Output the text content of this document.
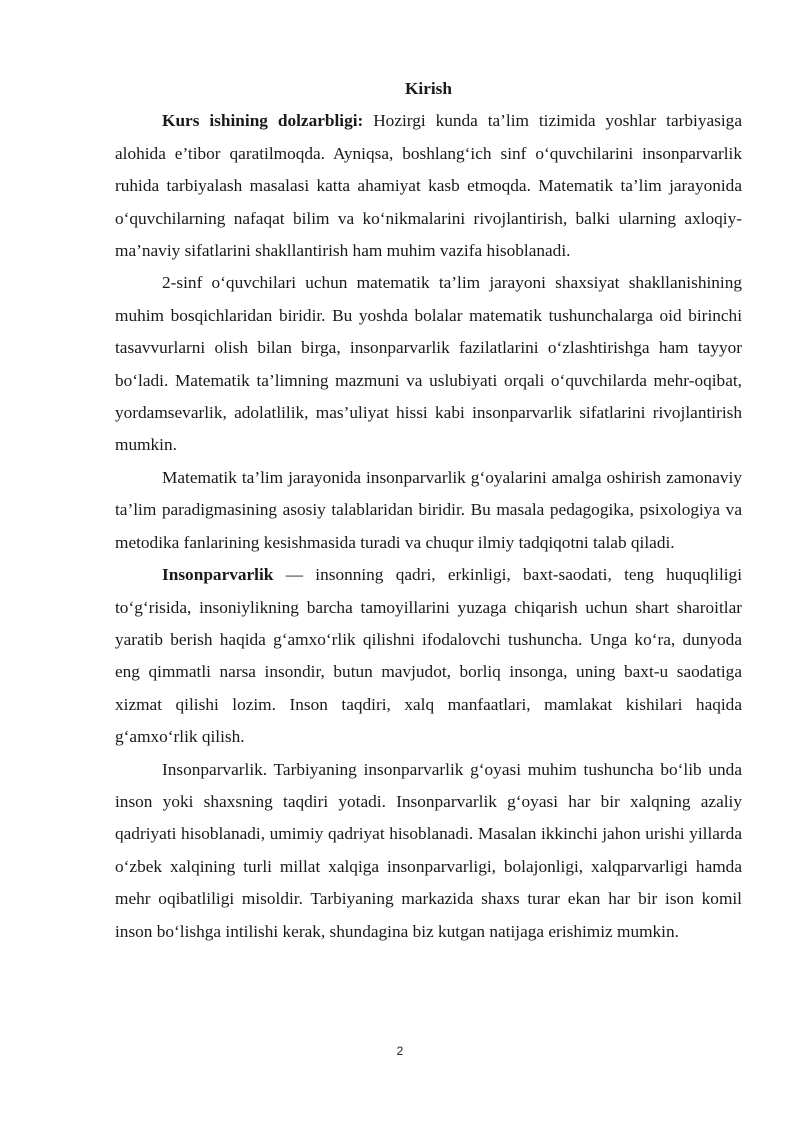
Kirish

Kurs ishining dolzarbligi: Hozirgi kunda ta’lim tizimida yoshlar tarbiyasiga alohida e’tibor qaratilmoqda. Ayniqsa, boshlang‘ich sinf o‘quvchilarini insonparvarlik ruhida tarbiyalash masalasi katta ahamiyat kasb etmoqda. Matematik ta’lim jarayonida o‘quvchilarning nafaqat bilim va ko‘nikmalarini rivojlantirish, balki ularning axloqiy-ma’naviy sifatlarini shakllantirish ham muhim vazifa hisoblanadi.

2-sinf o‘quvchilari uchun matematik ta’lim jarayoni shaxsiyat shakllanishining muhim bosqichlaridan biridir. Bu yoshda bolalar matematik tushunchalarga oid birinchi tasavvurlarni olish bilan birga, insonparvarlik fazilatlarini o‘zlashtirishga ham tayyor bo‘ladi. Matematik ta’limning mazmuni va uslubiyati orqali o‘quvchilarda mehr-oqibat, yordamsevarlik, adolatlilik, mas’uliyat hissi kabi insonparvarlik sifatlarini rivojlantirish mumkin.

Matematik ta’lim jarayonida insonparvarlik g‘oyalarini amalga oshirish zamonaviy ta’lim paradigmasining asosiy talablaridan biridir. Bu masala pedagogika, psixologiya va metodika fanlarining kesishmasida turadi va chuqur ilmiy tadqiqotni talab qiladi.

Insonparvarlik — insonning qadri, erkinligi, baxt-saodati, teng huquqliligi to‘g‘risida, insoniylikning barcha tamoyillarini yuzaga chiqarish uchun shart sharoitlar yaratib berish haqida g‘amxo‘rlik qilishni ifodalovchi tushuncha. Unga ko‘ra, dunyoda eng qimmatli narsa insondir, butun mavjudot, borliq insonga, uning baxt-u saodatiga xizmat qilishi lozim. Inson taqdiri, xalq manfaatlari, mamlakat kishilari haqida g‘amxo‘rlik qilish.

Insonparvarlik. Tarbiyaning insonparvarlik g‘oyasi muhim tushuncha bo‘lib unda inson yoki shaxsning taqdiri yotadi. Insonparvarlik g‘oyasi har bir xalqning azaliy qadriyati hisoblanadi, umimiy qadriyat hisoblanadi. Masalan ikkinchi jahon urishi yillarda o‘zbek xalqining turli millat xalqiga insonparvarligi, bolajonligi, xalqparvarligi hamda mehr oqibatliligi misoldir. Tarbiyaning markazida shaxs turar ekan har bir ison komil inson bo‘lishga intilishi kerak, shundagina biz kutgan natijaga erishimiz mumkin.

2
